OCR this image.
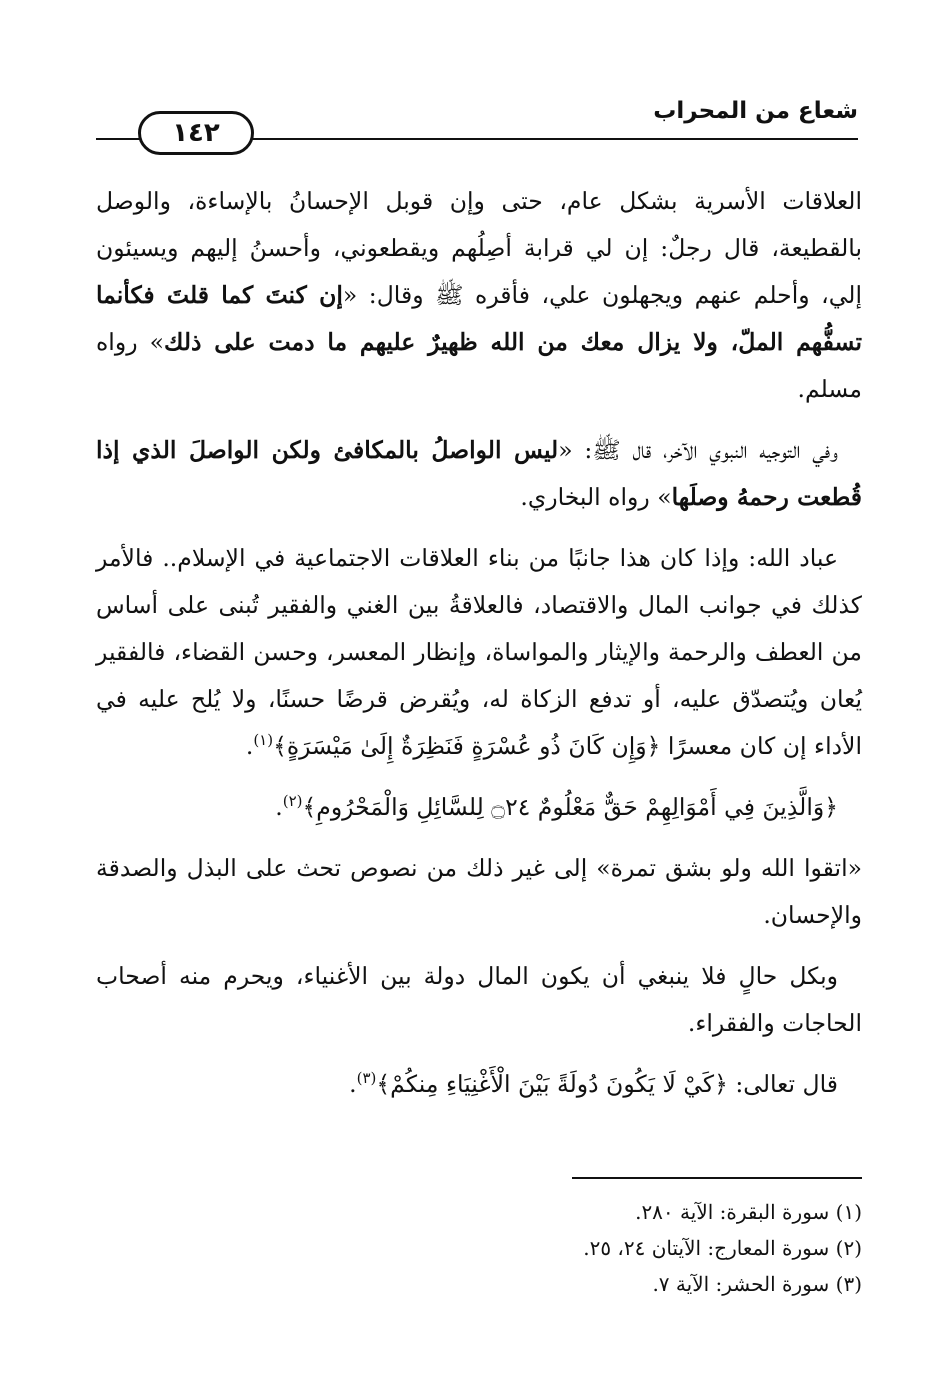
شعاع من المحراب
١٤٢

العلاقات الأسرية بشكل عام، حتى وإن قوبل الإحسانُ بالإساءة، والوصل بالقطيعة، قال رجلٌ: إن لي قرابة أصِلُهم ويقطعوني، وأحسنُ إليهم ويسيئون إلي، وأحلم عنهم ويجهلون علي، فأقره ﷺ وقال: «إن كنتَ كما قلتَ فكأنما تسفُّهم الملّ، ولا يزال معك من الله ظهيرٌ عليهم ما دمت على ذلك» رواه مسلم.

وفي التوجيه النبوي الآخر، قال ﷺ: «ليس الواصلُ بالمكافئ ولكن الواصلَ الذي إذا قُطعت رحمهُ وصلَها» رواه البخاري.

عباد الله: وإذا كان هذا جانبًا من بناء العلاقات الاجتماعية في الإسلام.. فالأمر كذلك في جوانب المال والاقتصاد، فالعلاقةُ بين الغني والفقير تُبنى على أساس من العطف والرحمة والإيثار والمواساة، وإنظار المعسر، وحسن القضاء، فالفقير يُعان ويُتصدّق عليه، أو تدفع الزكاة له، ويُقرض قرضًا حسنًا، ولا يُلح عليه في الأداء إن كان معسرًا ﴿وَإِن كَانَ ذُو عُسْرَةٍ فَنَظِرَةٌ إِلَىٰ مَيْسَرَةٍ﴾$^{(١)}$.

﴿وَالَّذِينَ فِي أَمْوَالِهِمْ حَقٌّ مَعْلُومٌ ۝٢٤ لِلسَّائِلِ وَالْمَحْرُومِ﴾$^{(٢)}$.

«اتقوا الله ولو بشق تمرة» إلى غير ذلك من نصوص تحث على البذل والصدقة والإحسان.

وبكل حالٍ فلا ينبغي أن يكون المال دولة بين الأغنياء، ويحرم منه أصحاب الحاجات والفقراء.

قال تعالى: ﴿كَيْ لَا يَكُونَ دُولَةً بَيْنَ الْأَغْنِيَاءِ مِنكُمْ﴾$^{(٣)}$.

(١) سورة البقرة: الآية ٢٨٠.
(٢) سورة المعارج: الآيتان ٢٤، ٢٥.
(٣) سورة الحشر: الآية ٧.
